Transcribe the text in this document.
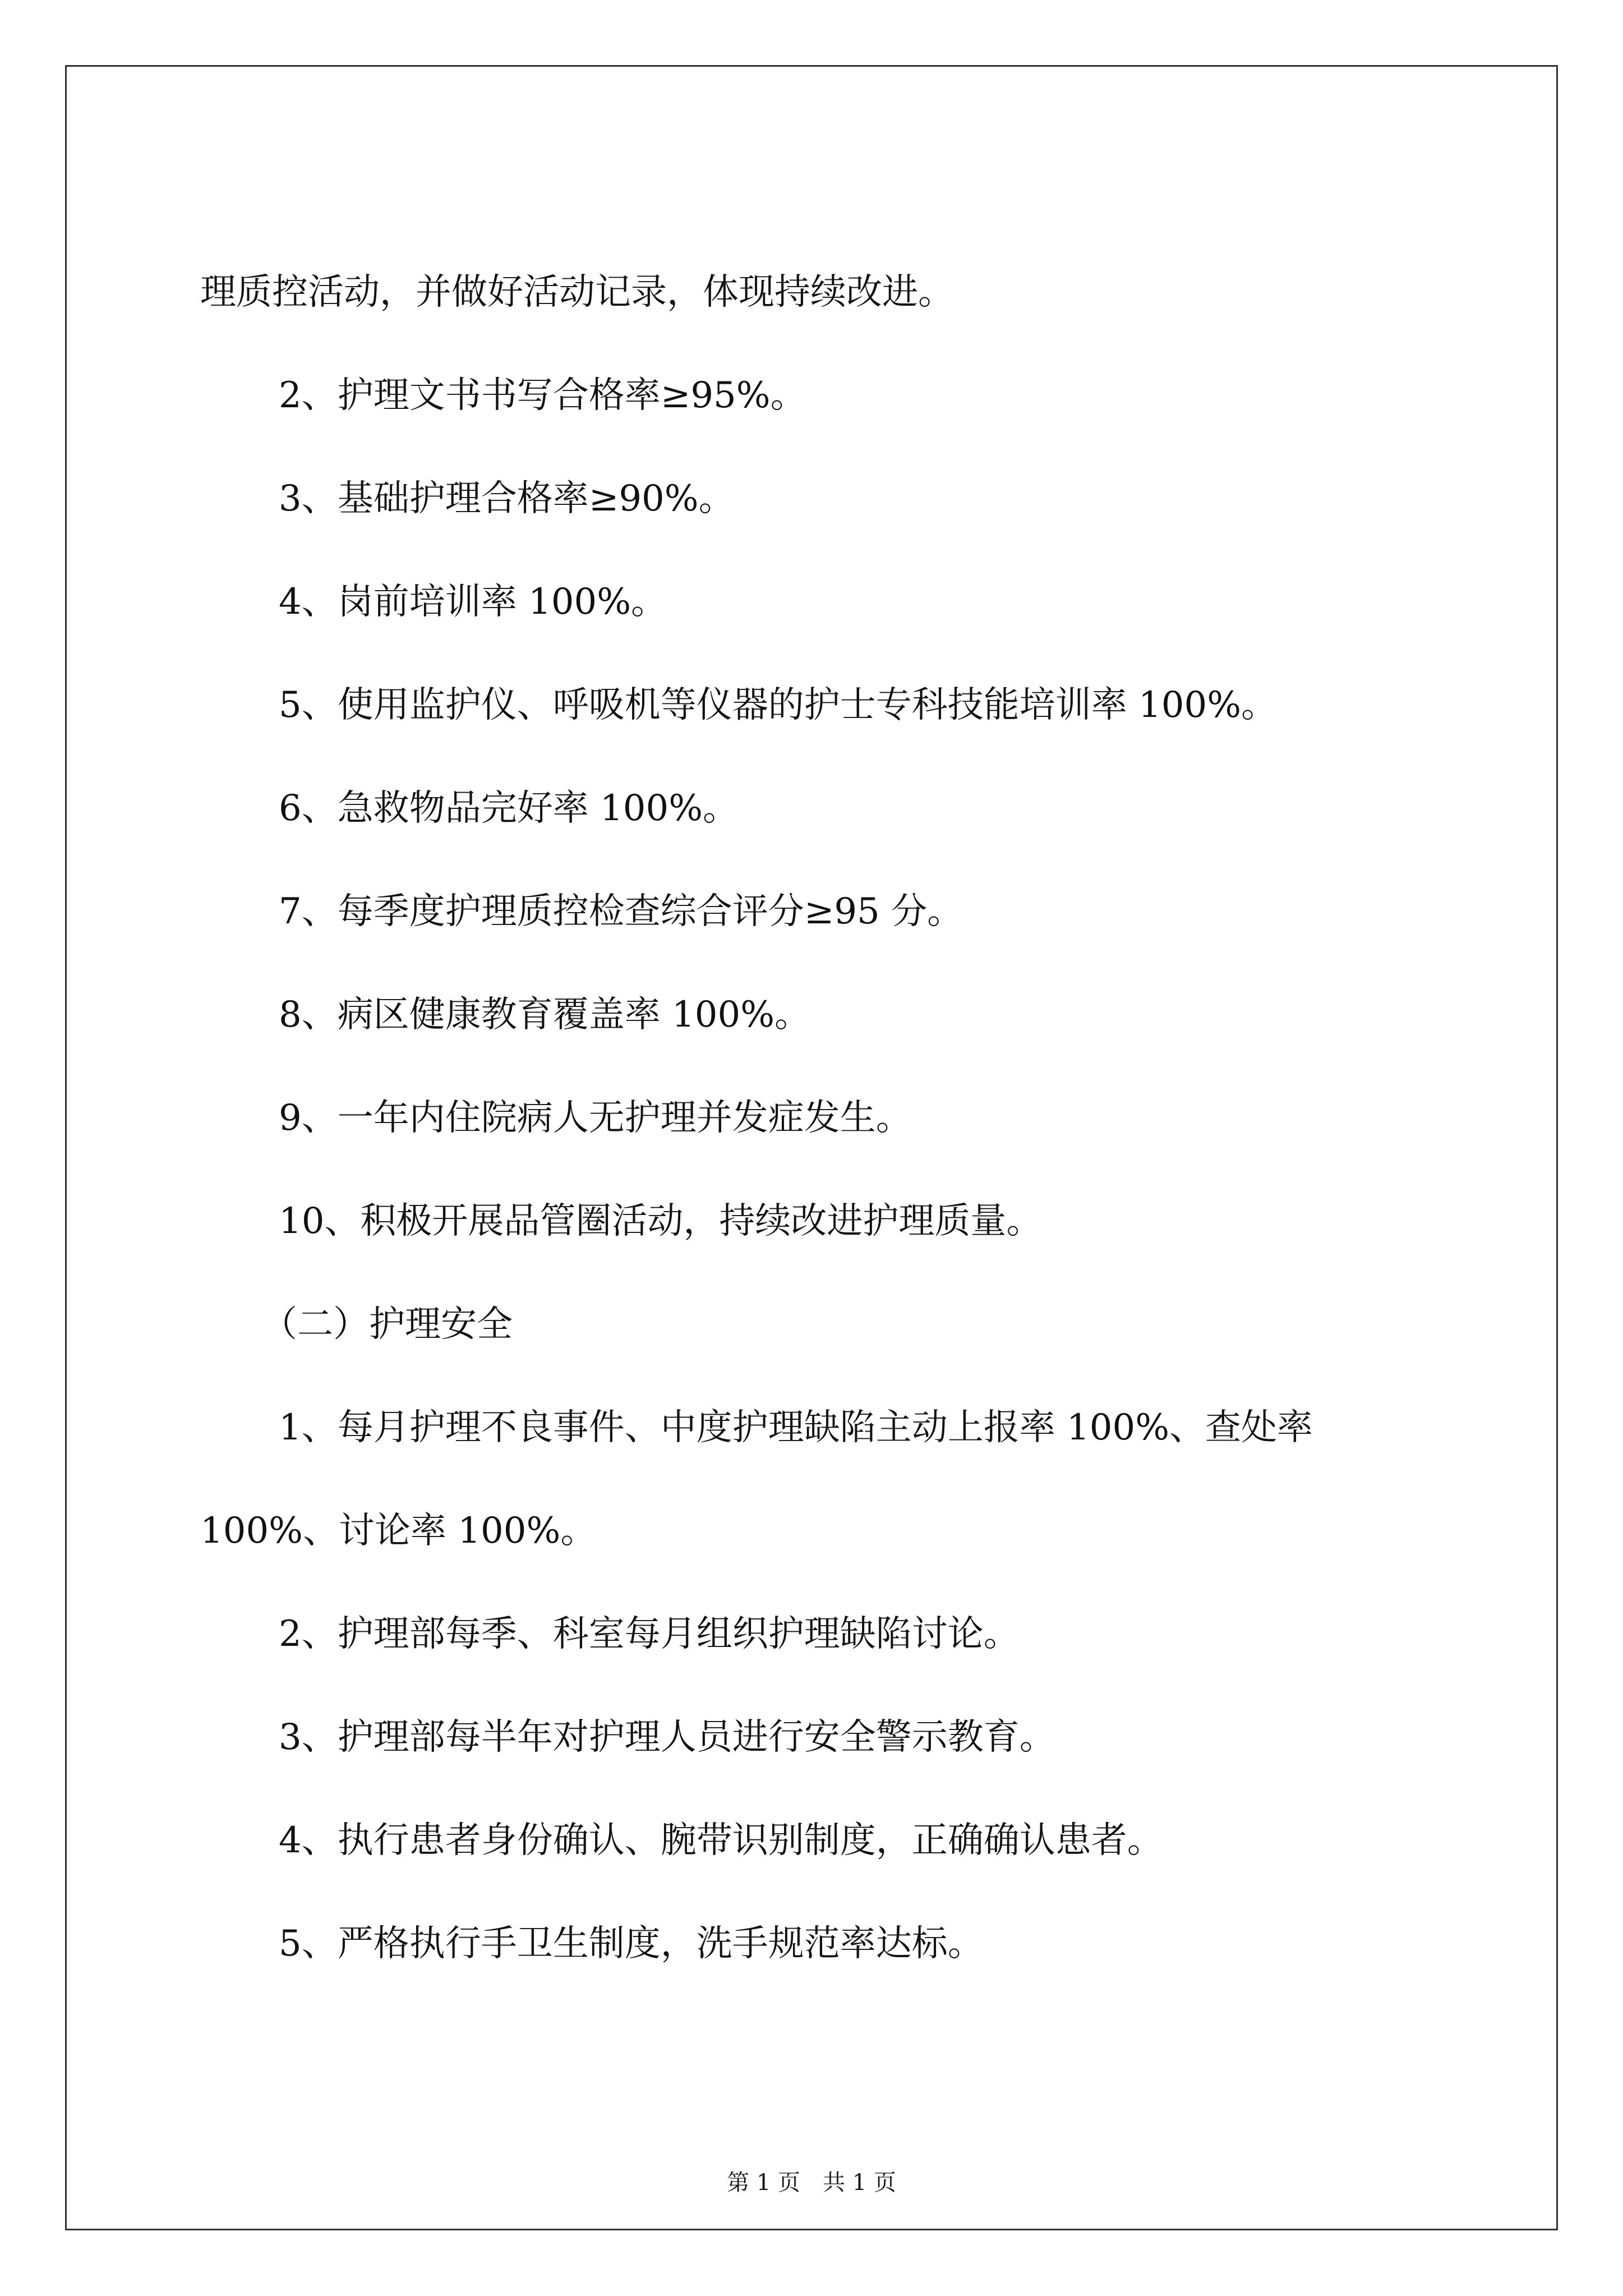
理质控活动，并做好活动记录，体现持续改进。

2、护理文书书写合格率≥95%。

3、基础护理合格率≥90%。

4、岗前培训率 100%。

5、使用监护仪、呼吸机等仪器的护士专科技能培训率 100%。

6、急救物品完好率 100%。

7、每季度护理质控检查综合评分≥95 分。

8、病区健康教育覆盖率 100%。

9、一年内住院病人无护理并发症发生。

10、积极开展品管圈活动，持续改进护理质量。

（二）护理安全

1、每月护理不良事件、中度护理缺陷主动上报率 100%、查处率

100%、讨论率 100%。

2、护理部每季、科室每月组织护理缺陷讨论。

3、护理部每半年对护理人员进行安全警示教育。

4、执行患者身份确认、腕带识别制度，正确确认患者。

5、严格执行手卫生制度，洗手规范率达标。

第 1 页　共 1 页
